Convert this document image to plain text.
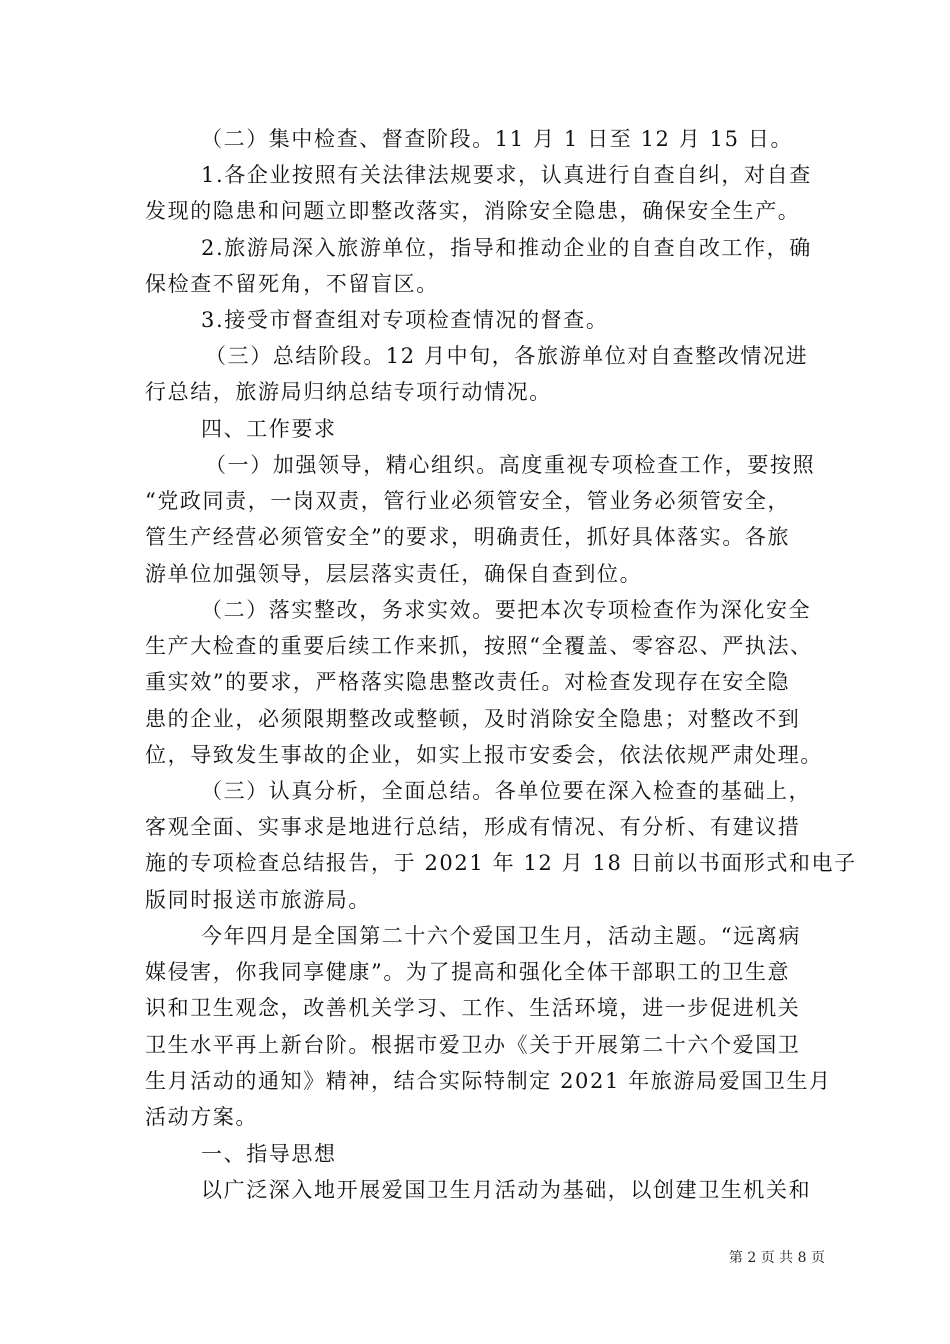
（二）集中检查、督查阶段。11 月 1 日至 12 月 15 日。

1.各企业按照有关法律法规要求，认真进行自查自纠，对自查
发现的隐患和问题立即整改落实，消除安全隐患，确保安全生产。

2.旅游局深入旅游单位，指导和推动企业的自查自改工作，确
保检查不留死角，不留盲区。

3.接受市督查组对专项检查情况的督查。

（三）总结阶段。12 月中旬，各旅游单位对自查整改情况进
行总结，旅游局归纳总结专项行动情况。

四、工作要求

（一）加强领导，精心组织。高度重视专项检查工作，要按照
“党政同责，一岗双责，管行业必须管安全，管业务必须管安全，
管生产经营必须管安全”的要求，明确责任，抓好具体落实。各旅
游单位加强领导，层层落实责任，确保自查到位。

（二）落实整改，务求实效。要把本次专项检查作为深化安全
生产大检查的重要后续工作来抓，按照“全覆盖、零容忍、严执法、
重实效”的要求，严格落实隐患整改责任。对检查发现存在安全隐
患的企业，必须限期整改或整顿，及时消除安全隐患；对整改不到
位，导致发生事故的企业，如实上报市安委会，依法依规严肃处理。

（三）认真分析，全面总结。各单位要在深入检查的基础上，
客观全面、实事求是地进行总结，形成有情况、有分析、有建议措
施的专项检查总结报告，于 2021 年 12 月 18 日前以书面形式和电子
版同时报送市旅游局。

今年四月是全国第二十六个爱国卫生月，活动主题。“远离病
媒侵害，你我同享健康”。为了提高和强化全体干部职工的卫生意
识和卫生观念，改善机关学习、工作、生活环境，进一步促进机关
卫生水平再上新台阶。根据市爱卫办《关于开展第二十六个爱国卫
生月活动的通知》精神，结合实际特制定 2021 年旅游局爱国卫生月
活动方案。

一、指导思想

以广泛深入地开展爱国卫生月活动为基础，以创建卫生机关和

第 2 页 共 8 页
